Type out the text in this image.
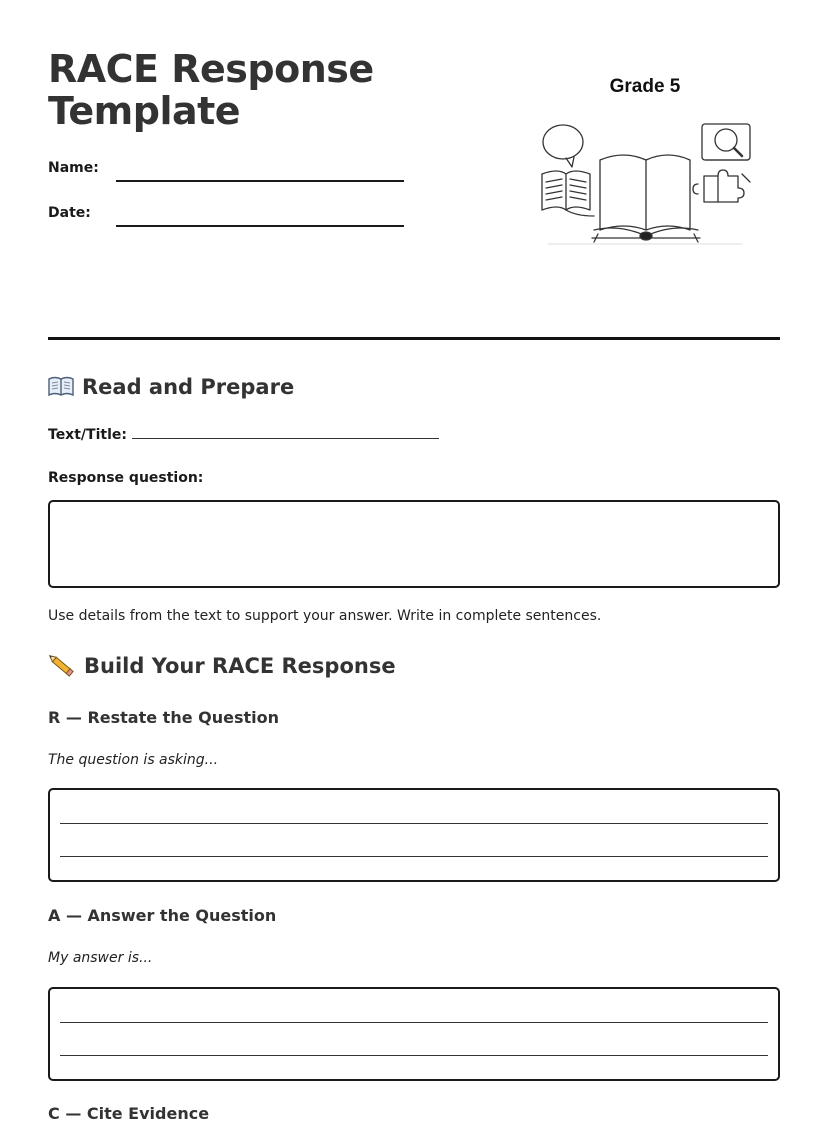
RACE Response
Template
Name:
Date:
Grade 5
Read and Prepare
Text/Title:
Response question:
Use details from the text to support your answer. Write in complete sentences.
Build Your RACE Response
R — Restate the Question
The question is asking...
A — Answer the Question
My answer is...
C — Cite Evidence
